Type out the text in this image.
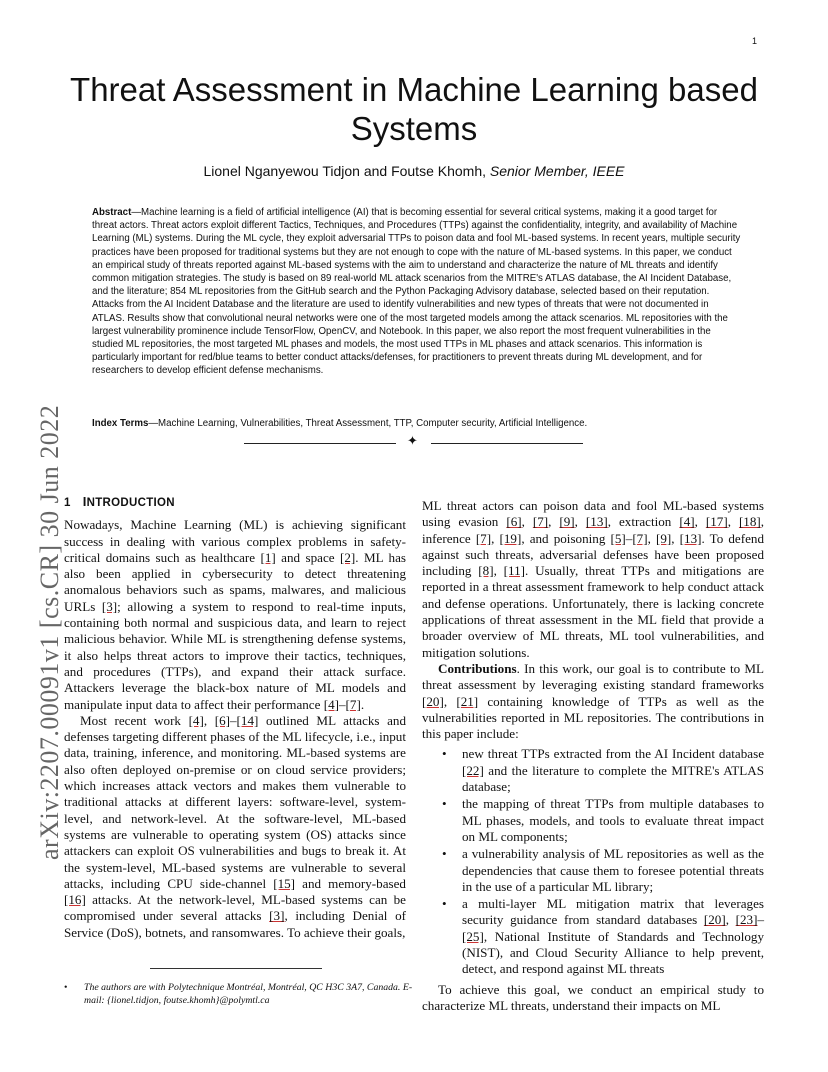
1
arXiv:2207.00091v1 [cs.CR] 30 Jun 2022
Threat Assessment in Machine Learning based Systems
Lionel Nganyewou Tidjon and Foutse Khomh, Senior Member, IEEE

Abstract—Machine learning is a field of artificial intelligence (AI) that is becoming essential for several critical systems, making it a good target for threat actors. Threat actors exploit different Tactics, Techniques, and Procedures (TTPs) against the confidentiality, integrity, and availability of Machine Learning (ML) systems. During the ML cycle, they exploit adversarial TTPs to poison data and fool ML-based systems. In recent years, multiple security practices have been proposed for traditional systems but they are not enough to cope with the nature of ML-based systems. In this paper, we conduct an empirical study of threats reported against ML-based systems with the aim to understand and characterize the nature of ML threats and identify common mitigation strategies. The study is based on 89 real-world ML attack scenarios from the MITRE's ATLAS database, the AI Incident Database, and the literature; 854 ML repositories from the GitHub search and the Python Packaging Advisory database, selected based on their reputation. Attacks from the AI Incident Database and the literature are used to identify vulnerabilities and new types of threats that were not documented in ATLAS. Results show that convolutional neural networks were one of the most targeted models among the attack scenarios. ML repositories with the largest vulnerability prominence include TensorFlow, OpenCV, and Notebook. In this paper, we also report the most frequent vulnerabilities in the studied ML repositories, the most targeted ML phases and models, the most used TTPs in ML phases and attack scenarios. This information is particularly important for red/blue teams to better conduct attacks/defenses, for practitioners to prevent threats during ML development, and for researchers to develop efficient defense mechanisms.

Index Terms—Machine Learning, Vulnerabilities, Threat Assessment, TTP, Computer security, Artificial Intelligence.

✦
1 INTRODUCTION

Nowadays, Machine Learning (ML) is achieving significant success in dealing with various complex problems in safety-critical domains such as healthcare [1] and space [2]. ML has also been applied in cybersecurity to detect threatening anomalous behaviors such as spams, malwares, and malicious URLs [3]; allowing a system to respond to real-time inputs, containing both normal and suspicious data, and learn to reject malicious behavior. While ML is strengthening defense systems, it also helps threat actors to improve their tactics, techniques, and procedures (TTPs), and expand their attack surface. Attackers leverage the black-box nature of ML models and manipulate input data to affect their performance [4]–[7].

Most recent work [4], [6]–[14] outlined ML attacks and defenses targeting different phases of the ML lifecycle, i.e., input data, training, inference, and monitoring. ML-based systems are also often deployed on-premise or on cloud service providers; which increases attack vectors and makes them vulnerable to traditional attacks at different layers: software-level, system-level, and network-level. At the software-level, ML-based systems are vulnerable to operating system (OS) attacks since attackers can exploit OS vulnerabilities and bugs to break it. At the system-level, ML-based systems are vulnerable to several attacks, including CPU side-channel [15] and memory-based [16] attacks. At the network-level, ML-based systems can be compromised under several attacks [3], including Denial of Service (DoS), botnets, and ransomwares. To achieve their goals,

ML threat actors can poison data and fool ML-based systems using evasion [6], [7], [9], [13], extraction [4], [17], [18], inference [7], [19], and poisoning [5]–[7], [9], [13]. To defend against such threats, adversarial defenses have been proposed including [8], [11]. Usually, threat TTPs and mitigations are reported in a threat assessment framework to help conduct attack and defense operations. Unfortunately, there is lacking concrete applications of threat assessment in the ML field that provide a broader overview of ML threats, ML tool vulnerabilities, and mitigation solutions.

Contributions. In this work, our goal is to contribute to ML threat assessment by leveraging existing standard frameworks [20], [21] containing knowledge of TTPs as well as the vulnerabilities reported in ML repositories. The contributions in this paper include:

• new threat TTPs extracted from the AI Incident database [22] and the literature to complete the MITRE's ATLAS database;
• the mapping of threat TTPs from multiple databases to ML phases, models, and tools to evaluate threat impact on ML components;
• a vulnerability analysis of ML repositories as well as the dependencies that cause them to foresee potential threats in the use of a particular ML library;
• a multi-layer ML mitigation matrix that leverages security guidance from standard databases [20], [23]–[25], National Institute of Standards and Technology (NIST), and Cloud Security Alliance to help prevent, detect, and respond against ML threats

To achieve this goal, we conduct an empirical study to characterize ML threats, understand their impacts on ML

• The authors are with Polytechnique Montréal, Montréal, QC H3C 3A7, Canada. E-mail: {lionel.tidjon, foutse.khomh}@polymtl.ca
